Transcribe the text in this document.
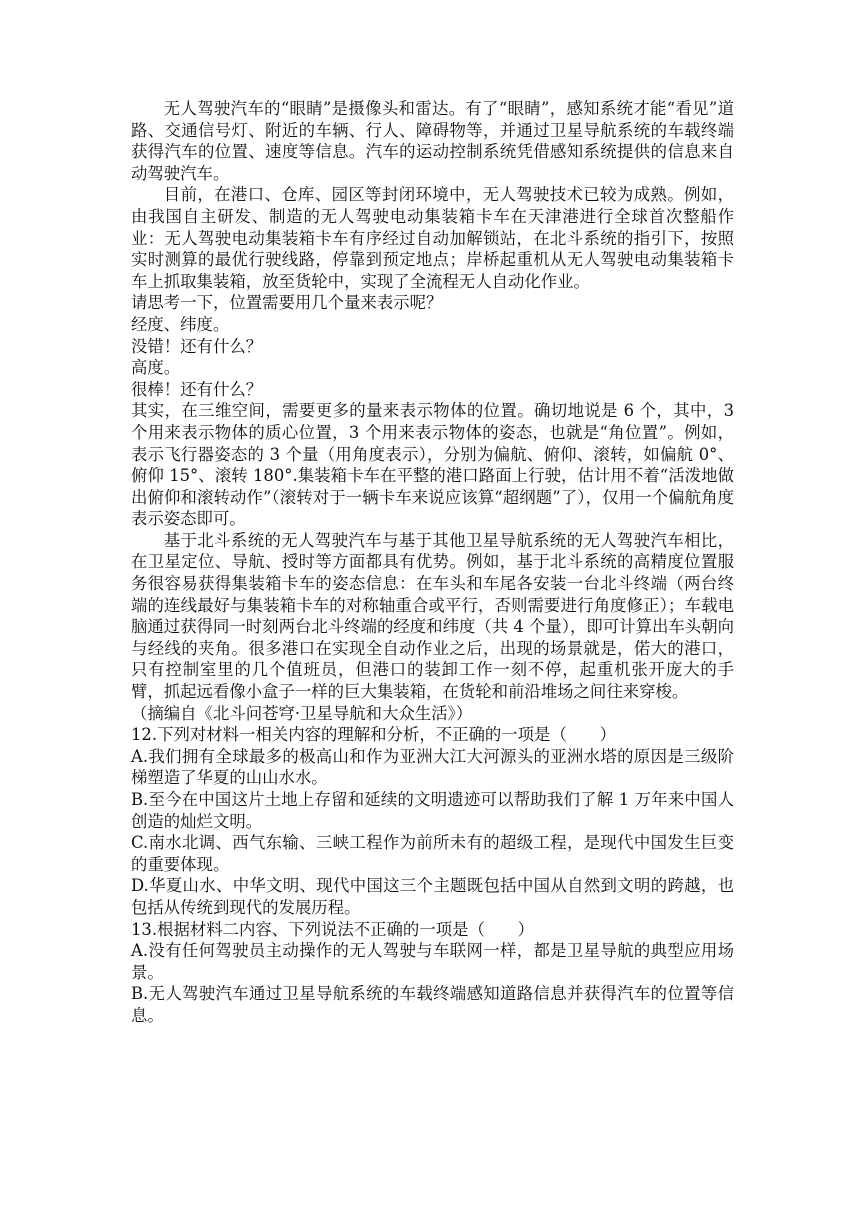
无人驾驶汽车的“眼睛”是摄像头和雷达。有了“眼睛”，感知系统才能“看见”道路、交通信号灯、附近的车辆、行人、障碍物等，并通过卫星导航系统的车载终端获得汽车的位置、速度等信息。汽车的运动控制系统凭借感知系统提供的信息来自动驾驶汽车。

目前，在港口、仓库、园区等封闭环境中，无人驾驶技术已较为成熟。例如，由我国自主研发、制造的无人驾驶电动集装箱卡车在天津港进行全球首次整船作业：无人驾驶电动集装箱卡车有序经过自动加解锁站，在北斗系统的指引下，按照实时测算的最优行驶线路，停靠到预定地点；岸桥起重机从无人驾驶电动集装箱卡车上抓取集装箱，放至货轮中，实现了全流程无人自动化作业。

请思考一下，位置需要用几个量来表示呢？

经度、纬度。

没错！还有什么？

高度。

很棒！还有什么？

其实，在三维空间，需要更多的量来表示物体的位置。确切地说是 6 个，其中，3 个用来表示物体的质心位置，3 个用来表示物体的姿态，也就是“角位置”。例如，表示飞行器姿态的 3 个量（用角度表示），分别为偏航、俯仰、滚转，如偏航 0°、俯仰 15°、滚转 180°.集装箱卡车在平整的港口路面上行驶，估计用不着“活泼地做出俯仰和滚转动作”（滚转对于一辆卡车来说应该算“超纲题”了），仅用一个偏航角度表示姿态即可。

基于北斗系统的无人驾驶汽车与基于其他卫星导航系统的无人驾驶汽车相比，在卫星定位、导航、授时等方面都具有优势。例如，基于北斗系统的高精度位置服务很容易获得集装箱卡车的姿态信息：在车头和车尾各安装一台北斗终端（两台终端的连线最好与集装箱卡车的对称轴重合或平行，否则需要进行角度修正）；车载电脑通过获得同一时刻两台北斗终端的经度和纬度（共 4 个量），即可计算出车头朝向与经线的夹角。很多港口在实现全自动作业之后，出现的场景就是，偌大的港口，只有控制室里的几个值班员，但港口的装卸工作一刻不停，起重机张开庞大的手臂，抓起远看像小盒子一样的巨大集装箱，在货轮和前沿堆场之间往来穿梭。

（摘编自《北斗问苍穹·卫星导航和大众生活》）

12.下列对材料一相关内容的理解和分析，不正确的一项是（　　）

A.我们拥有全球最多的极高山和作为亚洲大江大河源头的亚洲水塔的原因是三级阶梯塑造了华夏的山山水水。

B.至今在中国这片土地上存留和延续的文明遗迹可以帮助我们了解 1 万年来中国人创造的灿烂文明。

C.南水北调、西气东输、三峡工程作为前所未有的超级工程，是现代中国发生巨变的重要体现。

D.华夏山水、中华文明、现代中国这三个主题既包括中国从自然到文明的跨越，也包括从传统到现代的发展历程。

13.根据材料二内容、下列说法不正确的一项是（　　）

A.没有任何驾驶员主动操作的无人驾驶与车联网一样，都是卫星导航的典型应用场景。

B.无人驾驶汽车通过卫星导航系统的车载终端感知道路信息并获得汽车的位置等信息。
